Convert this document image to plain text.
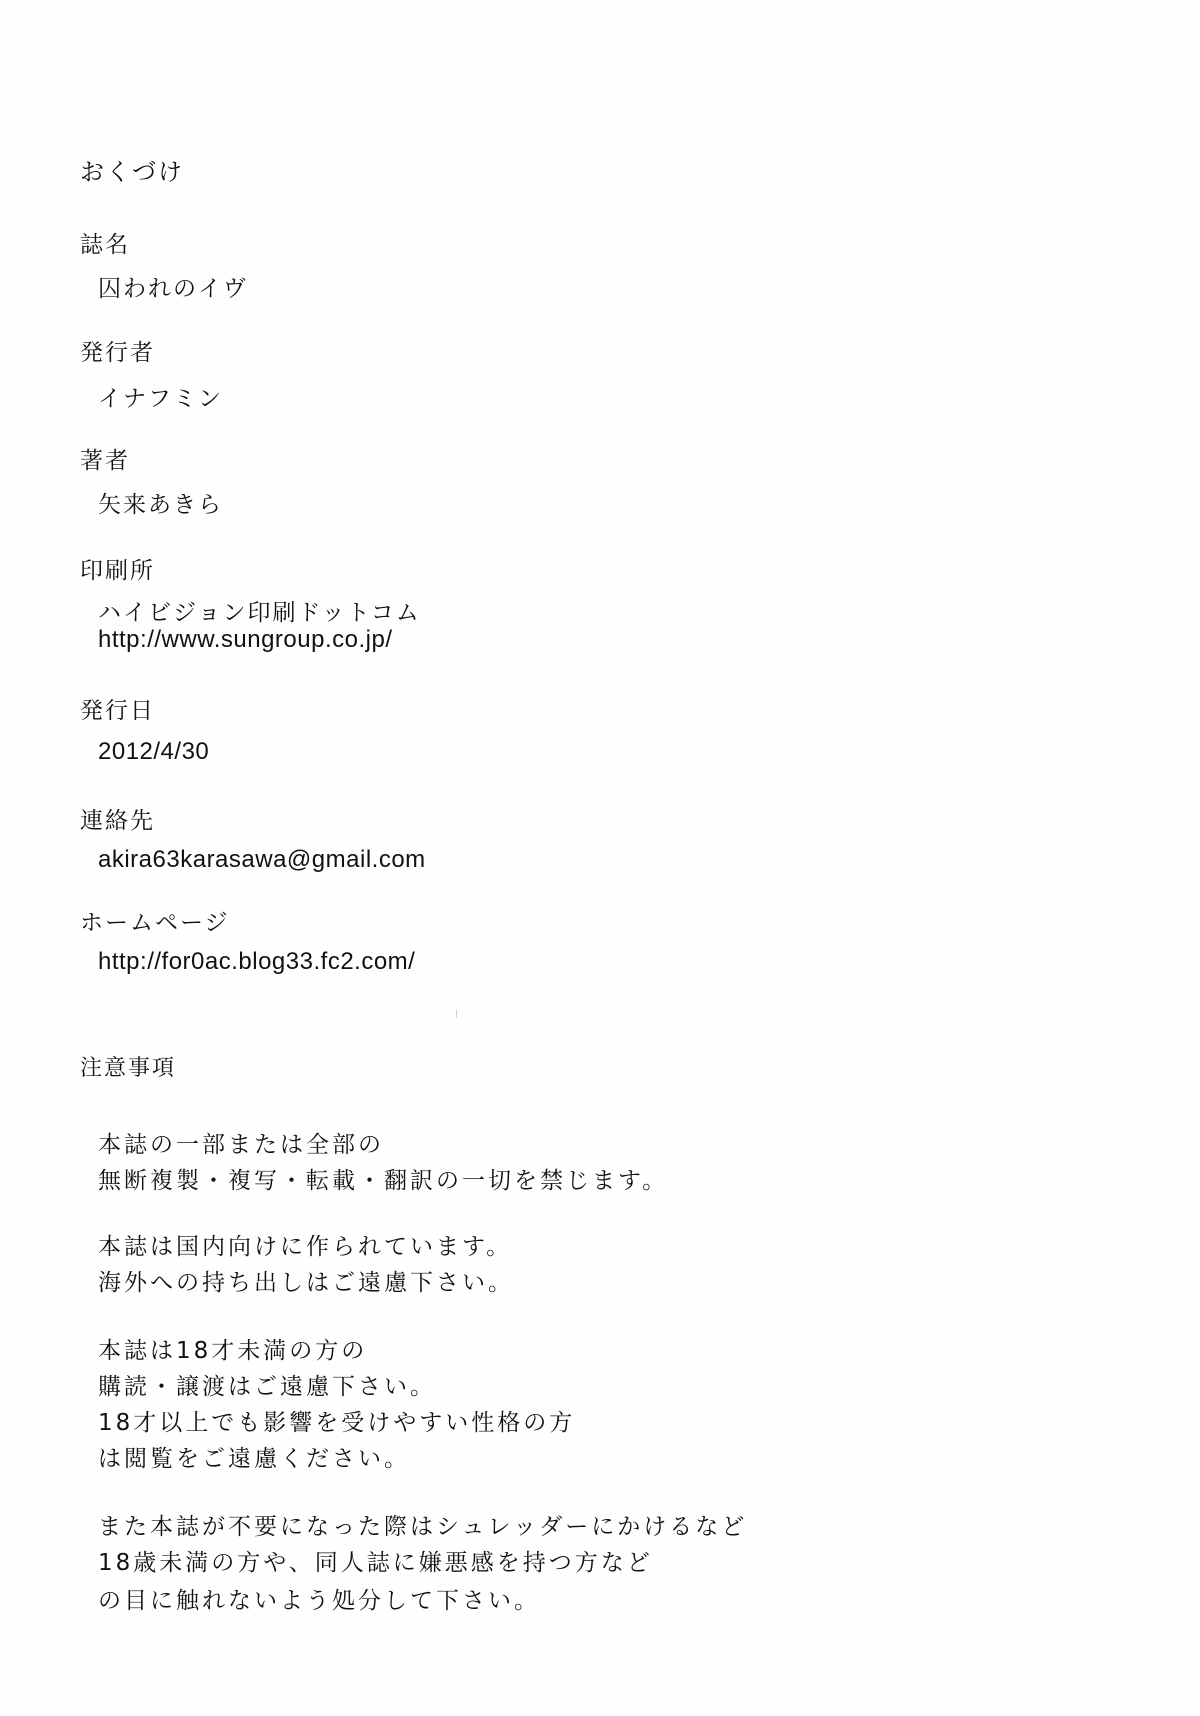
おくづけ
誌名
囚われのイヴ
発行者
イナフミン
著者
矢来あきら
印刷所
ハイビジョン印刷ドットコム
http://www.sungroup.co.jp/
発行日
2012/4/30
連絡先
akira63karasawa@gmail.com
ホームページ
http://for0ac.blog33.fc2.com/
注意事項
本誌の一部または全部の
無断複製・複写・転載・翻訳の一切を禁じます。
本誌は国内向けに作られています。
海外への持ち出しはご遠慮下さい。
本誌は18才未満の方の
購読・譲渡はご遠慮下さい。
18才以上でも影響を受けやすい性格の方
は閲覧をご遠慮ください。
また本誌が不要になった際はシュレッダーにかけるなど
18歳未満の方や、同人誌に嫌悪感を持つ方など
の目に触れないよう処分して下さい。
